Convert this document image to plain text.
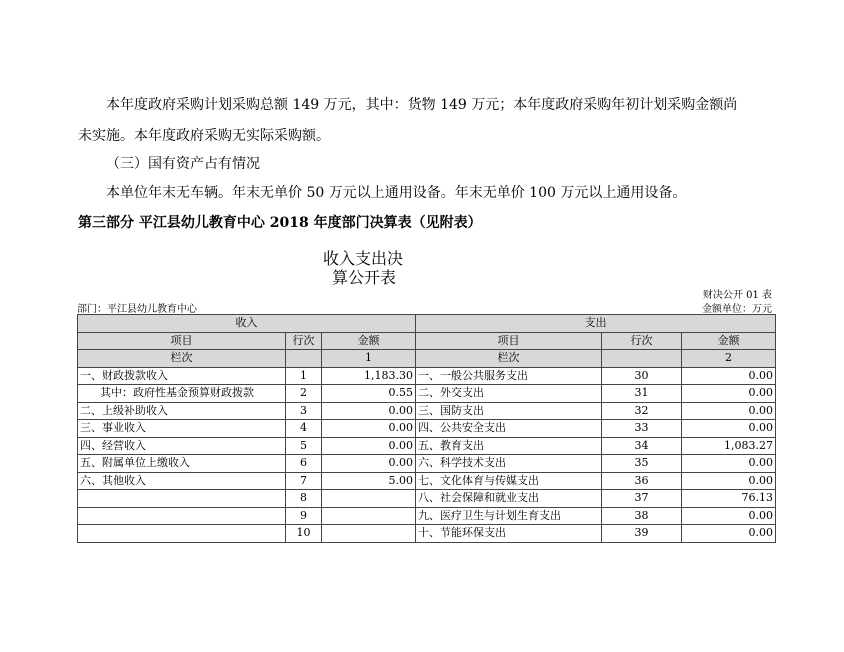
本年度政府采购计划采购总额 149 万元，其中：货物 149 万元；本年度政府采购年初计划采购金额尚
未实施。本年度政府采购无实际采购额。
（三）国有资产占有情况
本单位年末无车辆。年末无单价 50 万元以上通用设备。年末无单价 100 万元以上通用设备。
第三部分 平江县幼儿教育中心 2018 年度部门决算表（见附表）
收入支出决
算公开表
财决公开 01 表
部门：平江县幼儿教育中心	金额单位：万元
收入			支出		
项目	行次	金额	项目	行次	金额
栏次		1	栏次		2
一、财政拨款收入	1	1,183.30	一、一般公共服务支出	30	0.00
其中：政府性基金预算财政拨款	2	0.55	二、外交支出	31	0.00
二、上级补助收入	3	0.00	三、国防支出	32	0.00
三、事业收入	4	0.00	四、公共安全支出	33	0.00
四、经营收入	5	0.00	五、教育支出	34	1,083.27
五、附属单位上缴收入	6	0.00	六、科学技术支出	35	0.00
六、其他收入	7	5.00	七、文化体育与传媒支出	36	0.00
	8		八、社会保障和就业支出	37	76.13
	9		九、医疗卫生与计划生育支出	38	0.00
	10		十、节能环保支出	39	0.00
